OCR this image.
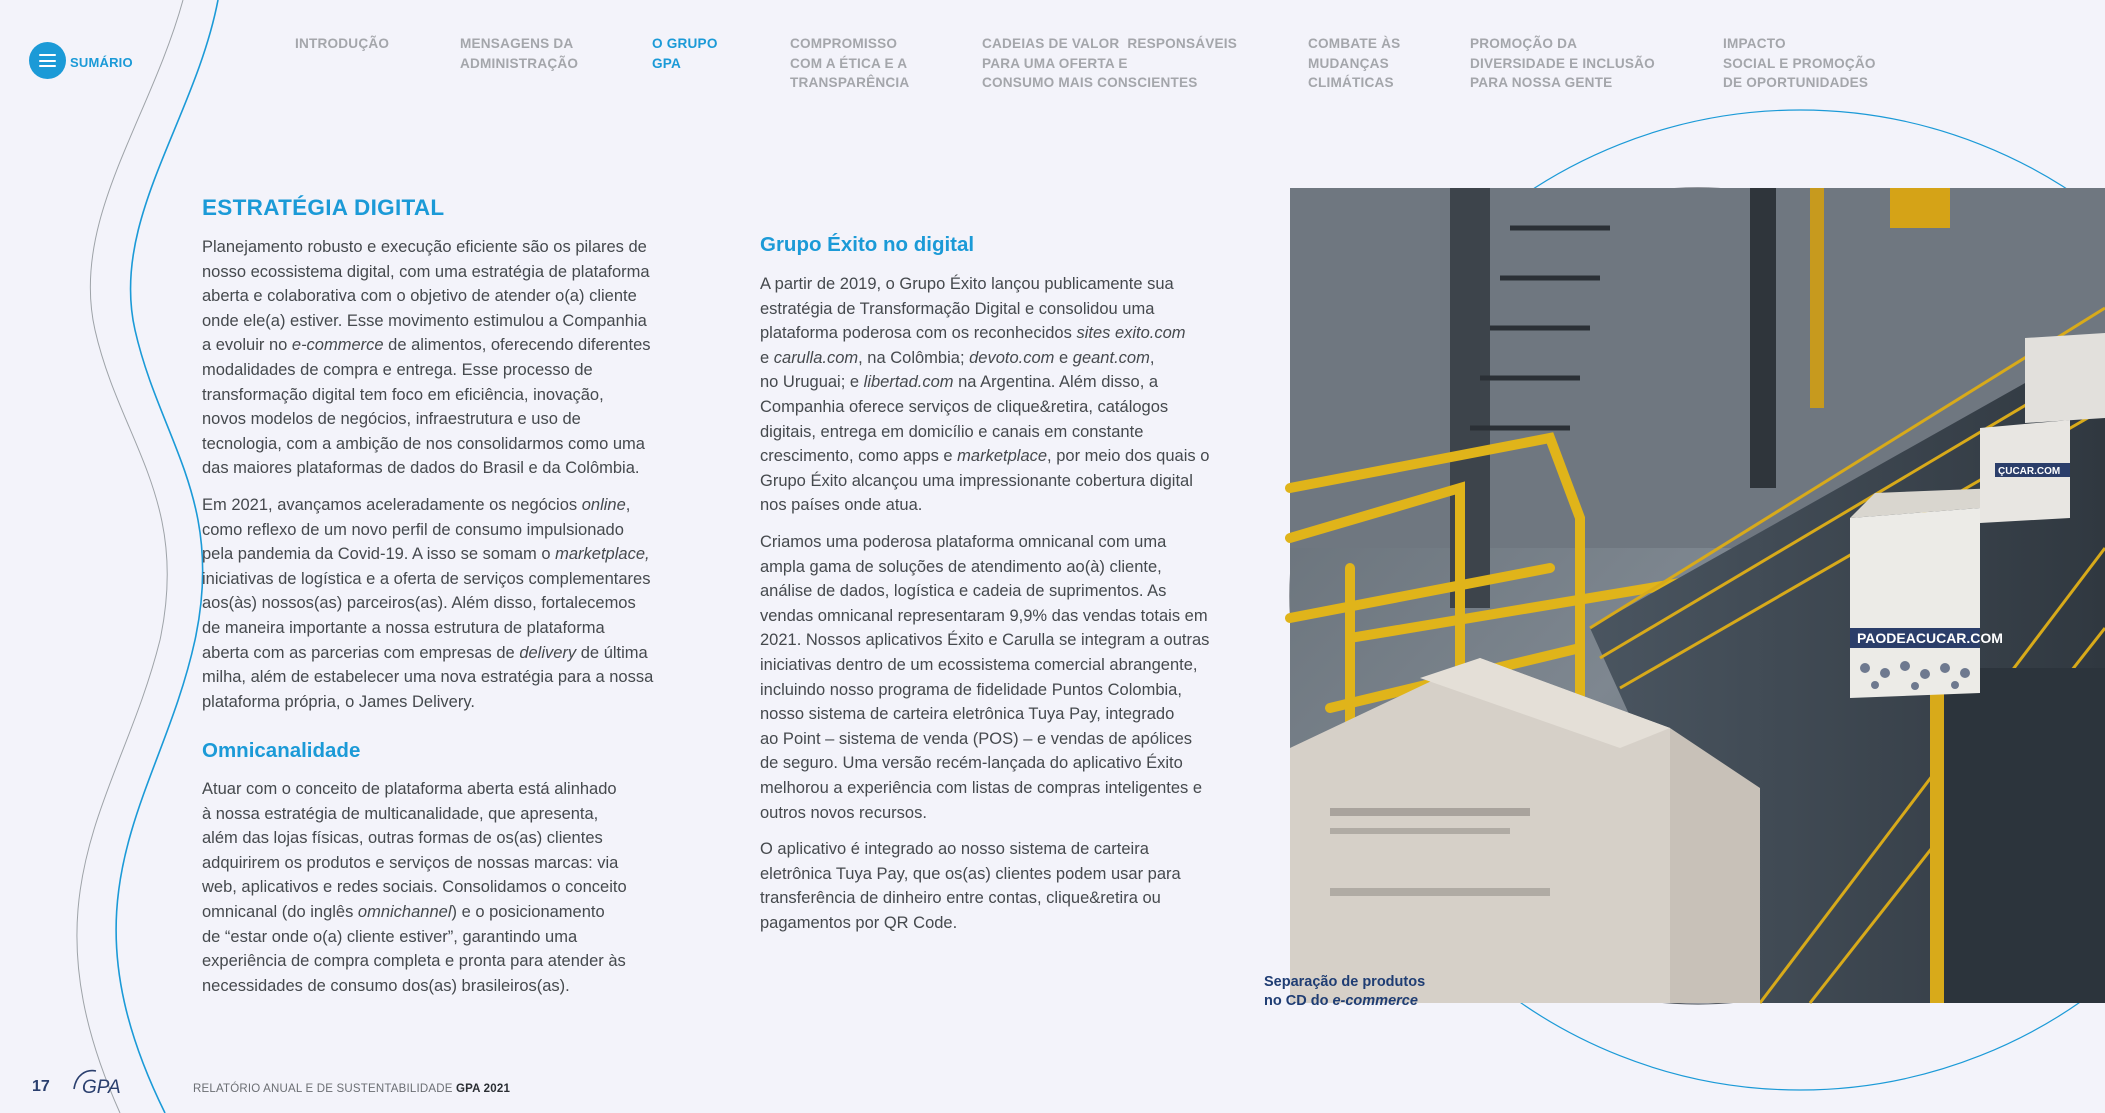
SUMÁRIO
INTRODUÇÃO	MENSAGENS DA
ADMINISTRAÇÃO
O GRUPO
GPA
COMPROMISSO
COM A ÉTICA E A
TRANSPARÊNCIA
CADEIAS DE VALOR  RESPONSÁVEIS
PARA UMA OFERTA E
CONSUMO MAIS CONSCIENTES
COMBATE ÀS
MUDANÇAS
CLIMÁTICAS
PROMOÇÃO DA
DIVERSIDADE E INCLUSÃO
PARA NOSSA GENTE
IMPACTO
SOCIAL E PROMOÇÃO
DE OPORTUNIDADES
ESTRATÉGIA DIGITAL
Planejamento robusto e execução eficiente são os pilares de
nosso ecossistema digital, com uma estratégia de plataforma
aberta e colaborativa com o objetivo de atender o(a) cliente
onde ele(a) estiver. Esse movimento estimulou a Companhia
a evoluir no e-commerce de alimentos, oferecendo diferentes
modalidades de compra e entrega. Esse processo de
transformação digital tem foco em eficiência, inovação,
novos modelos de negócios, infraestrutura e uso de
tecnologia, com a ambição de nos consolidarmos como uma
das maiores plataformas de dados do Brasil e da Colômbia.
Em 2021, avançamos aceleradamente os negócios online,
como reflexo de um novo perfil de consumo impulsionado
pela pandemia da Covid-19. A isso se somam o marketplace,
iniciativas de logística e a oferta de serviços complementares
aos(às) nossos(as) parceiros(as). Além disso, fortalecemos
de maneira importante a nossa estrutura de plataforma
aberta com as parcerias com empresas de delivery de última
milha, além de estabelecer uma nova estratégia para a nossa
plataforma própria, o James Delivery.
Omnicanalidade
Atuar com o conceito de plataforma aberta está alinhado
à nossa estratégia de multicanalidade, que apresenta,
além das lojas físicas, outras formas de os(as) clientes
adquirirem os produtos e serviços de nossas marcas: via
web, aplicativos e redes sociais. Consolidamos o conceito
omnicanal (do inglês omnichannel) e o posicionamento
de “estar onde o(a) cliente estiver”, garantindo uma
experiência de compra completa e pronta para atender às
necessidades de consumo dos(as) brasileiros(as).
Grupo Éxito no digital
A partir de 2019, o Grupo Éxito lançou publicamente sua
estratégia de Transformação Digital e consolidou uma
plataforma poderosa com os reconhecidos sites exito.com
e carulla.com, na Colômbia; devoto.com e geant.com,
no Uruguai; e libertad.com na Argentina. Além disso, a
Companhia oferece serviços de clique&retira, catálogos
digitais, entrega em domicílio e canais em constante
crescimento, como apps e marketplace, por meio dos quais o
Grupo Éxito alcançou uma impressionante cobertura digital
nos países onde atua.
Criamos uma poderosa plataforma omnicanal com uma
ampla gama de soluções de atendimento ao(à) cliente,
análise de dados, logística e cadeia de suprimentos. As
vendas omnicanal representaram 9,9% das vendas totais em
2021. Nossos aplicativos Éxito e Carulla se integram a outras
iniciativas dentro de um ecossistema comercial abrangente,
incluindo nosso programa de fidelidade Puntos Colombia,
nosso sistema de carteira eletrônica Tuya Pay, integrado
ao Point – sistema de venda (POS) – e vendas de apólices
de seguro. Uma versão recém-lançada do aplicativo Éxito
melhorou a experiência com listas de compras inteligentes e
outros novos recursos.
O aplicativo é integrado ao nosso sistema de carteira
eletrônica Tuya Pay, que os(as) clientes podem usar para
transferência de dinheiro entre contas, clique&retira ou
pagamentos por QR Code.
PAODEACUCAR.COM
ÇUCAR.COM
Separação de produtos
no CD do e-commerce
17 GPA	RELATÓRIO ANUAL E DE SUSTENTABILIDADE GPA 2021
